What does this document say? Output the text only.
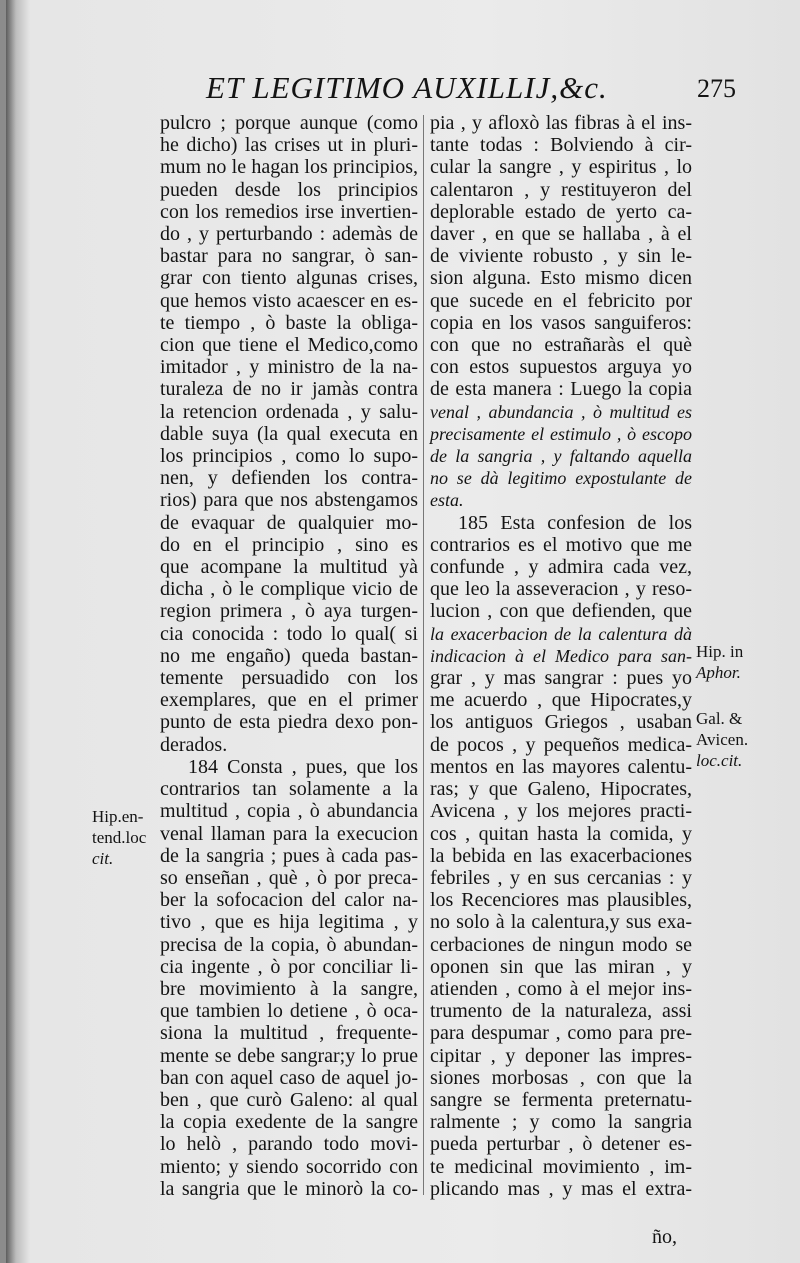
ET LEGITIMO AUXILLIJ,&c.	275
pulcro ; porque aunque (como
he dicho) las crises ut in pluri-
mum no le hagan los principios,
pueden desde los principios
con los remedios irse invertien-
do , y perturbando : ademàs de
bastar para no sangrar, ò san-
grar con tiento algunas crises,
que hemos visto acaescer en es-
te tiempo , ò baste la obliga-
cion que tiene el Medico,como
imitador , y ministro de la na-
turaleza de no ir jamàs contra
la retencion ordenada , y salu-
dable suya (la qual executa en
los principios , como lo supo-
nen, y defienden los contra-
rios) para que nos abstengamos
de evaquar de qualquier mo-
do en el principio , sino es
que acompane la multitud yà
dicha , ò le complique vicio de
region primera , ò aya turgen-
cia conocida : todo lo qual( si
no me engaño) queda bastan-
temente persuadido con los
exemplares, que en el primer
punto de esta piedra dexo pon-
derados.
184 Consta , pues, que los
contrarios tan solamente a la
multitud , copia , ò abundancia
venal llaman para la execucion
de la sangria ; pues à cada pas-
so enseñan , què , ò por preca-
ber la sofocacion del calor na-
tivo , que es hija legitima , y
precisa de la copia, ò abundan-
cia ingente , ò por conciliar li-
bre movimiento à la sangre,
que tambien lo detiene , ò oca-
siona la multitud , frequente-
mente se debe sangrar;y lo prue
ban con aquel caso de aquel jo-
ben , que curò Galeno: al qual
la copia exedente de la sangre
lo helò , parando todo movi-
miento; y siendo socorrido con
la sangria que le minorò la co-
pia , y afloxò las fibras à el ins-
tante todas : Bolviendo à cir-
cular la sangre , y espiritus , lo
calentaron , y restituyeron del
deplorable estado de yerto ca-
daver , en que se hallaba , à el
de viviente robusto , y sin le-
sion alguna. Esto mismo dicen
que sucede en el febricito por
copia en los vasos sanguiferos:
con que no estrañaràs el què
con estos supuestos arguya yo
de esta manera : Luego la copia
venal , abundancia , ò multitud es
precisamente el estimulo , ò escopo
de la sangria , y faltando aquella
no se dà legitimo expostulante de
esta.
185 Esta confesion de los
contrarios es el motivo que me
confunde , y admira cada vez,
que leo la asseveracion , y reso-
lucion , con que defienden, que
la exacerbacion de la calentura dà
indicacion à el Medico para san-
grar , y mas sangrar : pues yo
me acuerdo , que Hipocrates,y
los antiguos Griegos , usaban
de pocos , y pequeños medica-
mentos en las mayores calentu-
ras; y que Galeno, Hipocrates,
Avicena , y los mejores practi-
cos , quitan hasta la comida, y
la bebida en las exacerbaciones
febriles , y en sus cercanias : y
los Recenciores mas plausibles,
no solo à la calentura,y sus exa-
cerbaciones de ningun modo se
oponen sin que las miran , y
atienden , como à el mejor ins-
trumento de la naturaleza, assi
para despumar , como para pre-
cipitar , y deponer las impres-
siones morbosas , con que la
sangre se fermenta preternatu-
ralmente ; y como la sangria
pueda perturbar , ò detener es-
te medicinal movimiento , im-
plicando mas , y mas el extra-
Hip.en-
tend.loc
cit.
Hip. in
Aphor.
Gal. &
Avicen.
loc.cit.
ño,
